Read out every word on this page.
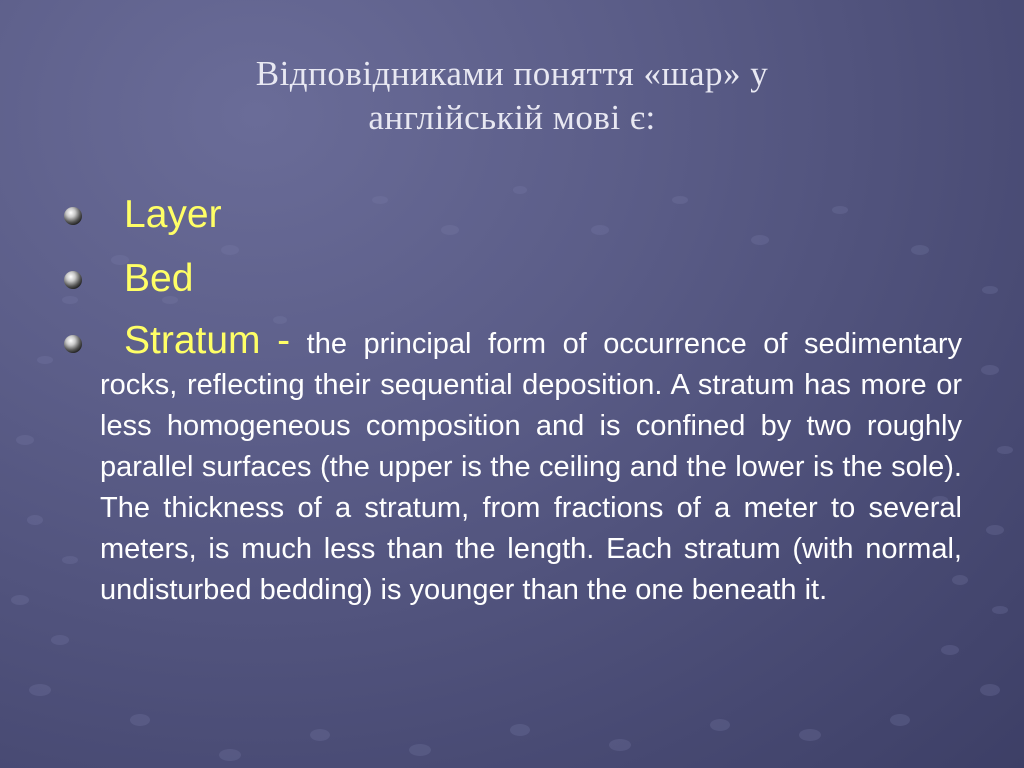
Відповідниками поняття «шар» у
англійській мові є:
Layer
Bed

Stratum - the principal form of occurrence of sedimentary rocks, reflecting their sequential deposition. A stratum has more or less homogeneous composition and is confined by two roughly parallel surfaces (the upper is the ceiling and the lower is the sole). The thickness of a stratum, from fractions of a meter to several meters, is much less than the length. Each stratum (with normal, undisturbed bedding) is younger than the one beneath it.
